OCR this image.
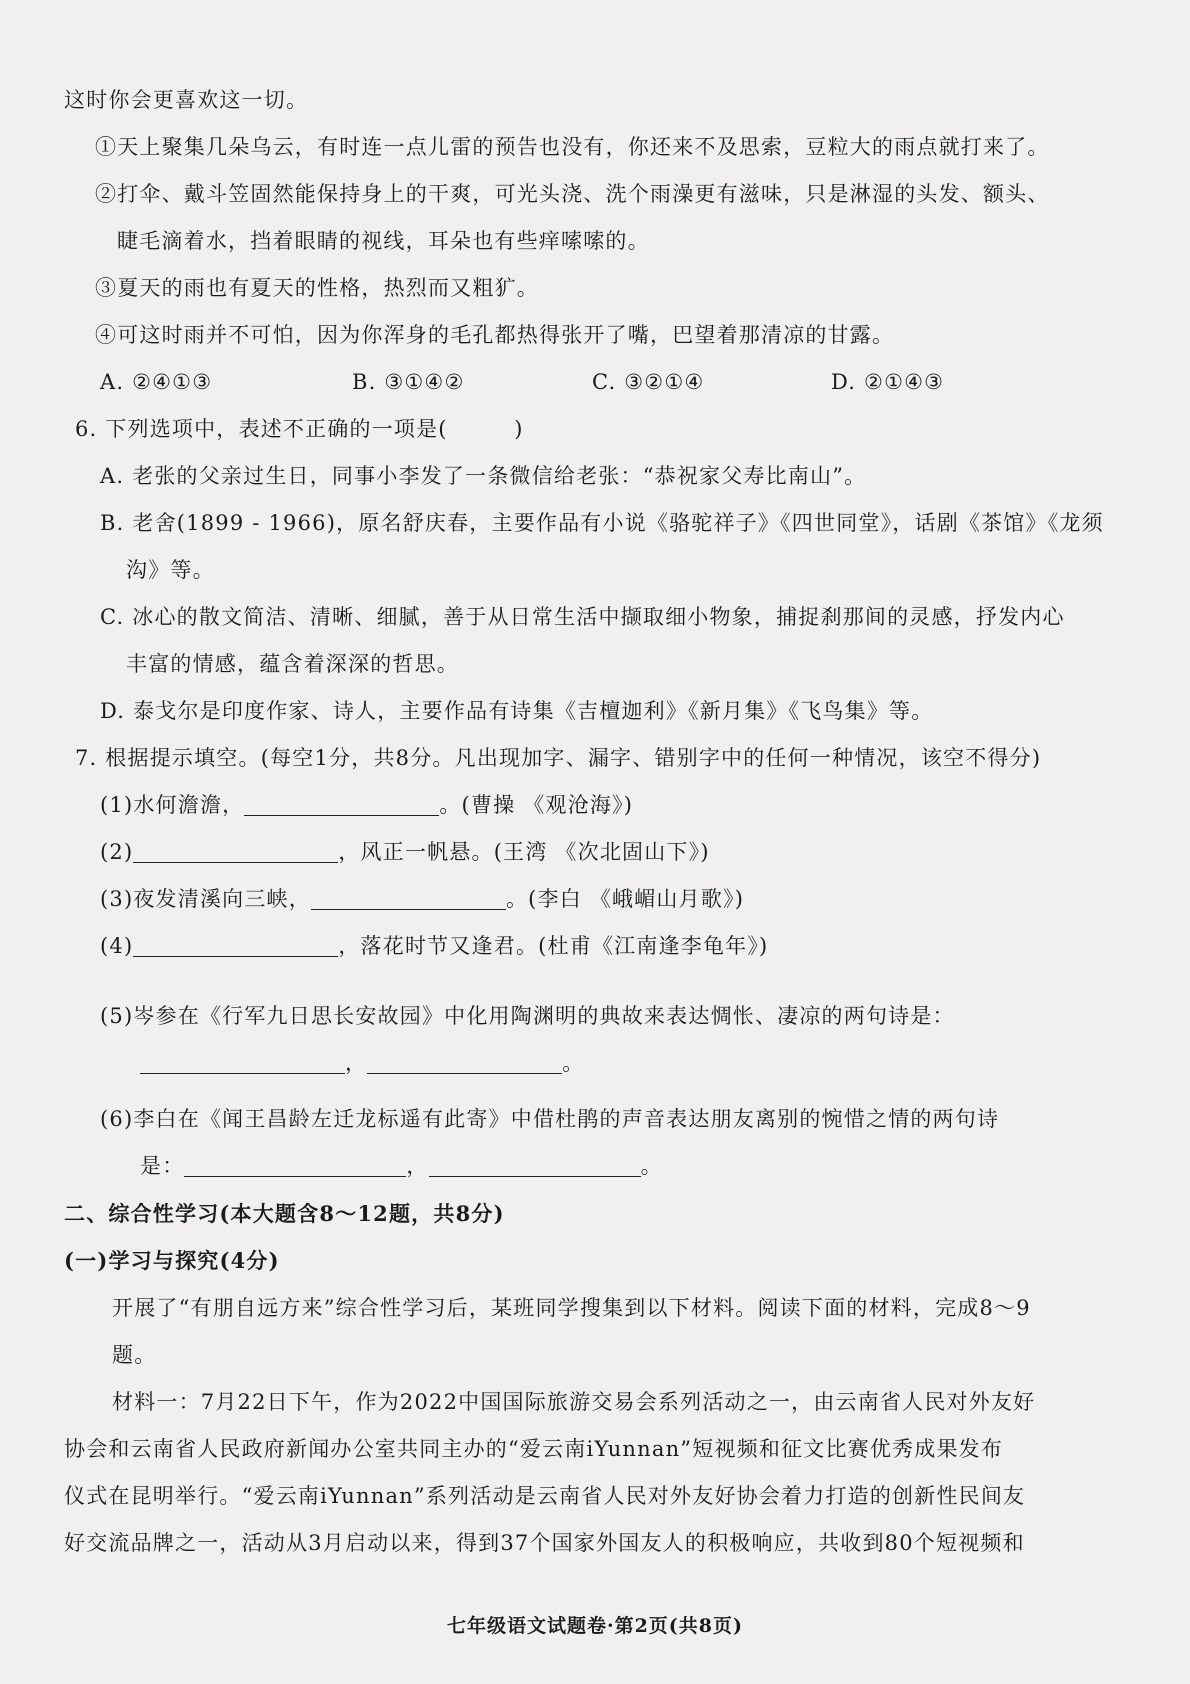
这时你会更喜欢这一切。
①天上聚集几朵乌云，有时连一点儿雷的预告也没有，你还来不及思索，豆粒大的雨点就打来了。
②打伞、戴斗笠固然能保持身上的干爽，可光头浇、洗个雨澡更有滋味，只是淋湿的头发、额头、
睫毛滴着水，挡着眼睛的视线，耳朵也有些痒嗦嗦的。
③夏天的雨也有夏天的性格，热烈而又粗犷。
④可这时雨并不可怕，因为你浑身的毛孔都热得张开了嘴，巴望着那清凉的甘露。
A. ②④①③	B. ③①④②	C. ③②①④	D. ②①④③
6. 下列选项中，表述不正确的一项是(　　　)
A. 老张的父亲过生日，同事小李发了一条微信给老张：“恭祝家父寿比南山”。
B. 老舍(1899 - 1966)，原名舒庆春，主要作品有小说《骆驼祥子》《四世同堂》，话剧《茶馆》《龙须
沟》等。
C. 冰心的散文简洁、清晰、细腻，善于从日常生活中撷取细小物象，捕捉刹那间的灵感，抒发内心
丰富的情感，蕴含着深深的哲思。
D. 泰戈尔是印度作家、诗人，主要作品有诗集《吉檀迦利》《新月集》《飞鸟集》等。
7. 根据提示填空。(每空1分，共8分。凡出现加字、漏字、错别字中的任何一种情况，该空不得分)
(1)水何澹澹，	。(曹操 《观沧海》)
(2)	，风正一帆悬。(王湾 《次北固山下》)
(3)夜发清溪向三峡，	。(李白 《峨嵋山月歌》)
(4)	，落花时节又逢君。(杜甫《江南逢李龟年》)
(5)岑参在《行军九日思长安故园》中化用陶渊明的典故来表达惆怅、凄凉的两句诗是：
，	。
(6)李白在《闻王昌龄左迁龙标遥有此寄》中借杜鹃的声音表达朋友离别的惋惜之情的两句诗
是：	，	。
二、综合性学习(本大题含8～12题，共8分)
(一)学习与探究(4分)
开展了“有朋自远方来”综合性学习后，某班同学搜集到以下材料。阅读下面的材料，完成8～9
题。
材料一：7月22日下午，作为2022中国国际旅游交易会系列活动之一，由云南省人民对外友好
协会和云南省人民政府新闻办公室共同主办的“爱云南iYunnan”短视频和征文比赛优秀成果发布
仪式在昆明举行。“爱云南iYunnan”系列活动是云南省人民对外友好协会着力打造的创新性民间友
好交流品牌之一，活动从3月启动以来，得到37个国家外国友人的积极响应，共收到80个短视频和
七年级语文试题卷·第2页(共8页)
